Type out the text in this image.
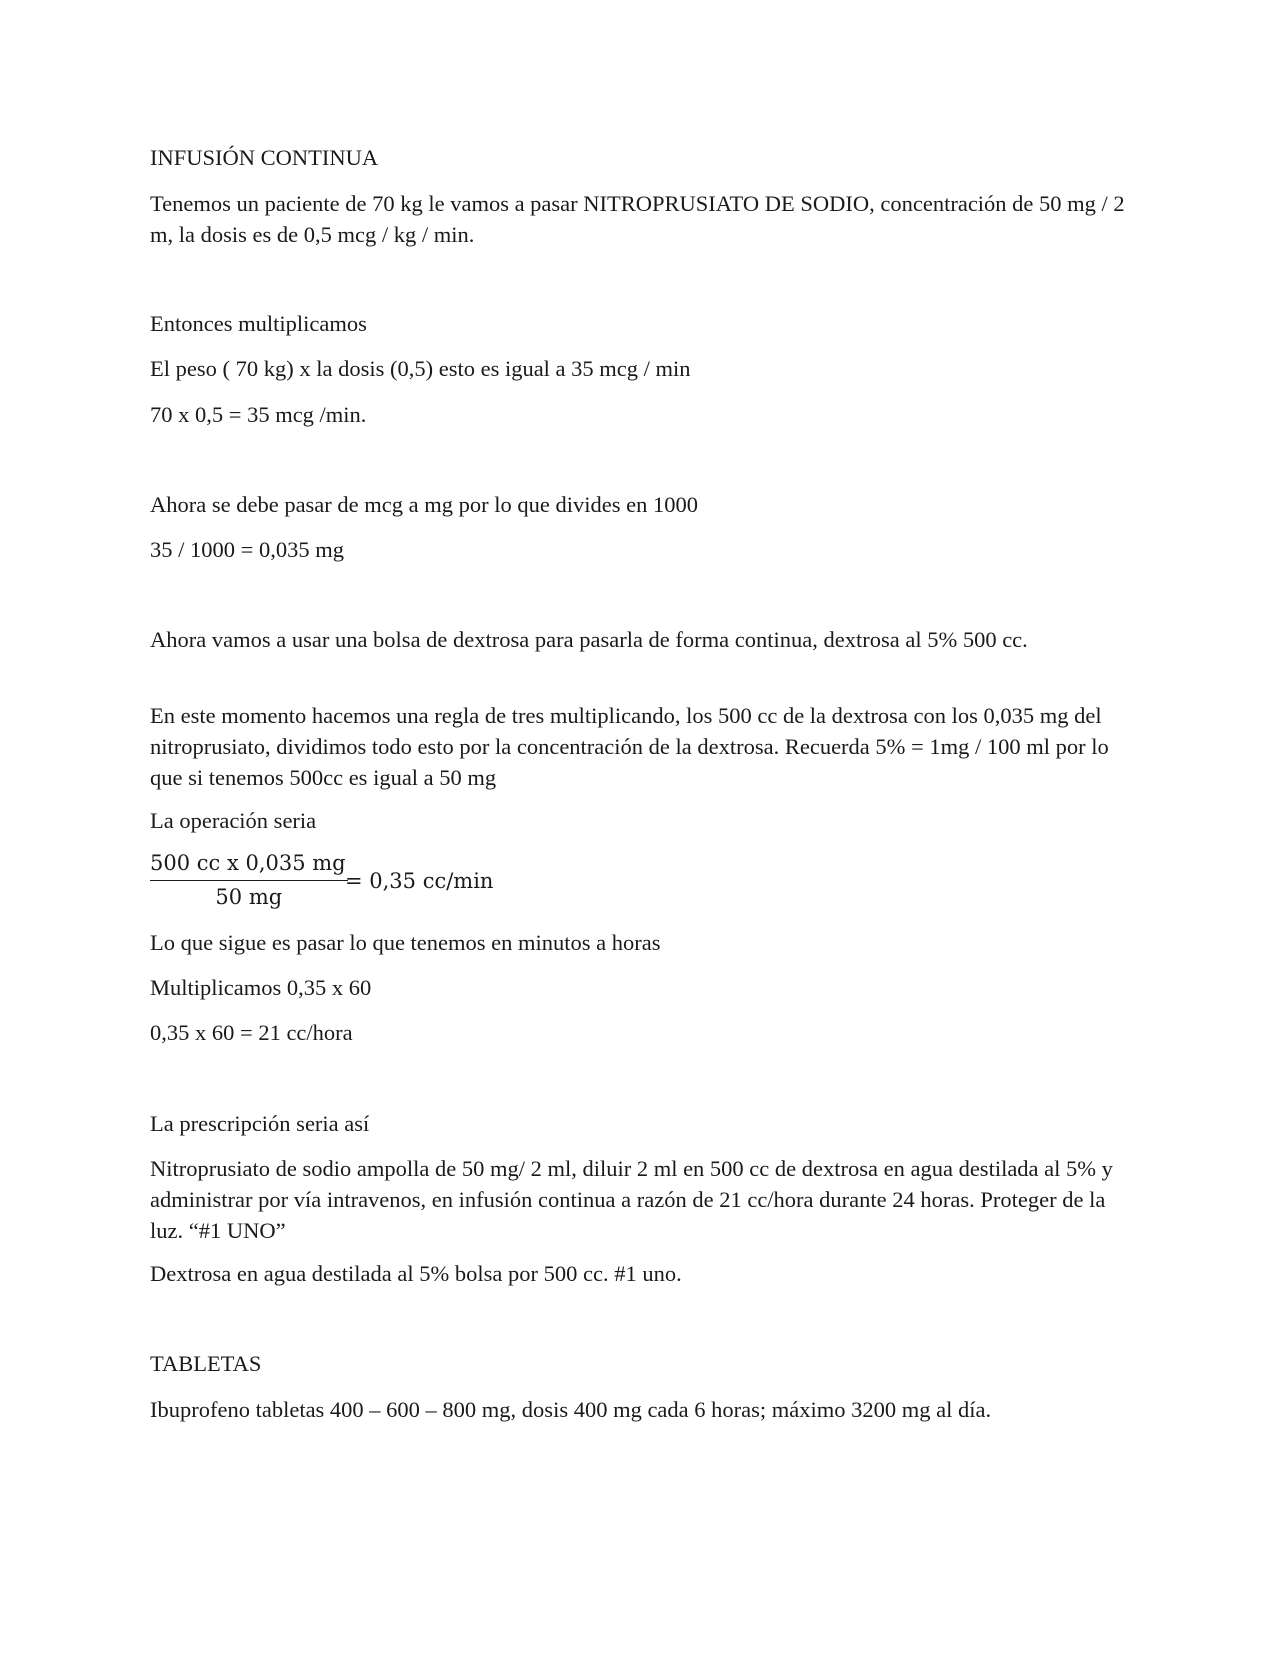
INFUSIÓN CONTINUA

Tenemos un paciente de 70 kg le vamos a pasar NITROPRUSIATO DE SODIO, concentración de 50 mg / 2 m, la dosis es de 0,5 mcg / kg / min.

Entonces multiplicamos

El peso ( 70 kg) x la dosis (0,5) esto es igual a 35 mcg / min

70 x 0,5 = 35 mcg /min.

Ahora se debe pasar de mcg a mg por lo que divides en 1000

35 / 1000 = 0,035 mg

Ahora vamos a usar una bolsa de dextrosa para pasarla de forma continua, dextrosa al 5% 500 cc.

En este momento hacemos una regla de tres multiplicando, los 500 cc de la dextrosa con los 0,035 mg del nitroprusiato, dividimos todo esto por la concentración de la dextrosa. Recuerda 5% = 1mg / 100 ml por lo que si tenemos 500cc es igual a 50 mg

La operación seria

$\frac{\text{500 cc x 0,035 mg}}{50 mg}$
= 0,35 cc/min

Lo que sigue es pasar lo que tenemos en minutos a horas

Multiplicamos 0,35 x 60

0,35 x 60 = 21 cc/hora

La prescripción seria así

Nitroprusiato de sodio ampolla de 50 mg/ 2 ml, diluir 2 ml en 500 cc de dextrosa en agua destilada al 5% y administrar por vía intravenos, en infusión continua a razón de 21 cc/hora durante 24 horas. Proteger de la luz. “#1 UNO”

Dextrosa en agua destilada al 5% bolsa por 500 cc. #1 uno.

TABLETAS

Ibuprofeno tabletas 400 – 600 – 800 mg, dosis 400 mg cada 6 horas; máximo 3200 mg al día.
